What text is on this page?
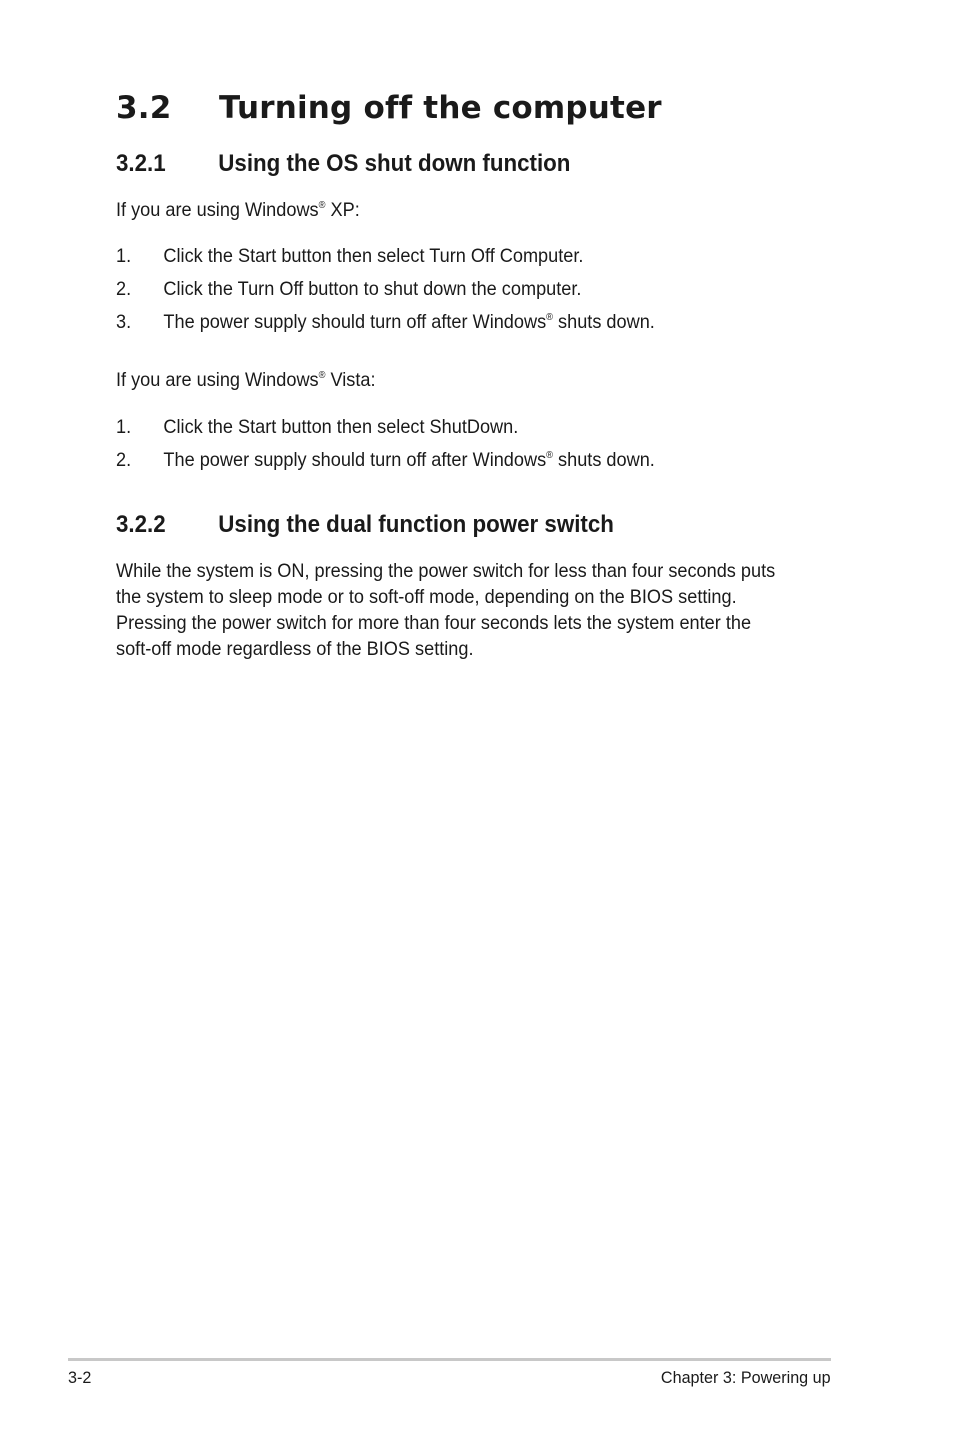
3.2 Turning off the computer
3.2.1 Using the OS shut down function

If you are using Windows® XP:

1. Click the Start button then select Turn Off Computer.

2. Click the Turn Off button to shut down the computer.

3. The power supply should turn off after Windows® shuts down.

If you are using Windows® Vista:

1. Click the Start button then select ShutDown.

2. The power supply should turn off after Windows® shuts down.

3.2.2 Using the dual function power switch
While the system is ON, pressing the power switch for less than four seconds puts
the system to sleep mode or to soft-off mode, depending on the BIOS setting.
Pressing the power switch for more than four seconds lets the system enter the
soft-off mode regardless of the BIOS setting.
3-2	Chapter 3: Powering up
